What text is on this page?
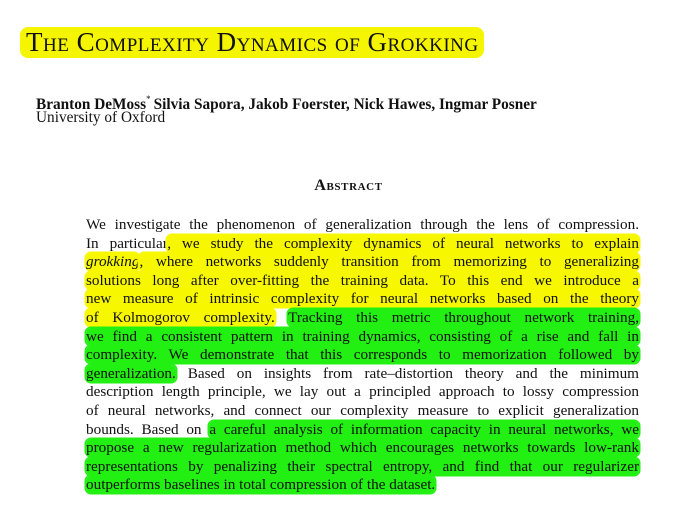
The Complexity Dynamics of Grokking
Branton DeMoss* Silvia Sapora, Jakob Foerster, Nick Hawes, Ingmar Posner
University of Oxford
Abstract
We investigate the phenomenon of generalization through the lens of compression.
In particular, we study the complexity dynamics of neural networks to explain
grokking, where networks suddenly transition from memorizing to generalizing
solutions long after over-fitting the training data. To this end we introduce a
new measure of intrinsic complexity for neural networks based on the theory
of Kolmogorov complexity. Tracking this metric throughout network training,
we find a consistent pattern in training dynamics, consisting of a rise and fall in
complexity. We demonstrate that this corresponds to memorization followed by
generalization. Based on insights from rate–distortion theory and the minimum
description length principle, we lay out a principled approach to lossy compression
of neural networks, and connect our complexity measure to explicit generalization
bounds. Based on a careful analysis of information capacity in neural networks, we
propose a new regularization method which encourages networks towards low-rank
representations by penalizing their spectral entropy, and find that our regularizer
outperforms baselines in total compression of the dataset.
